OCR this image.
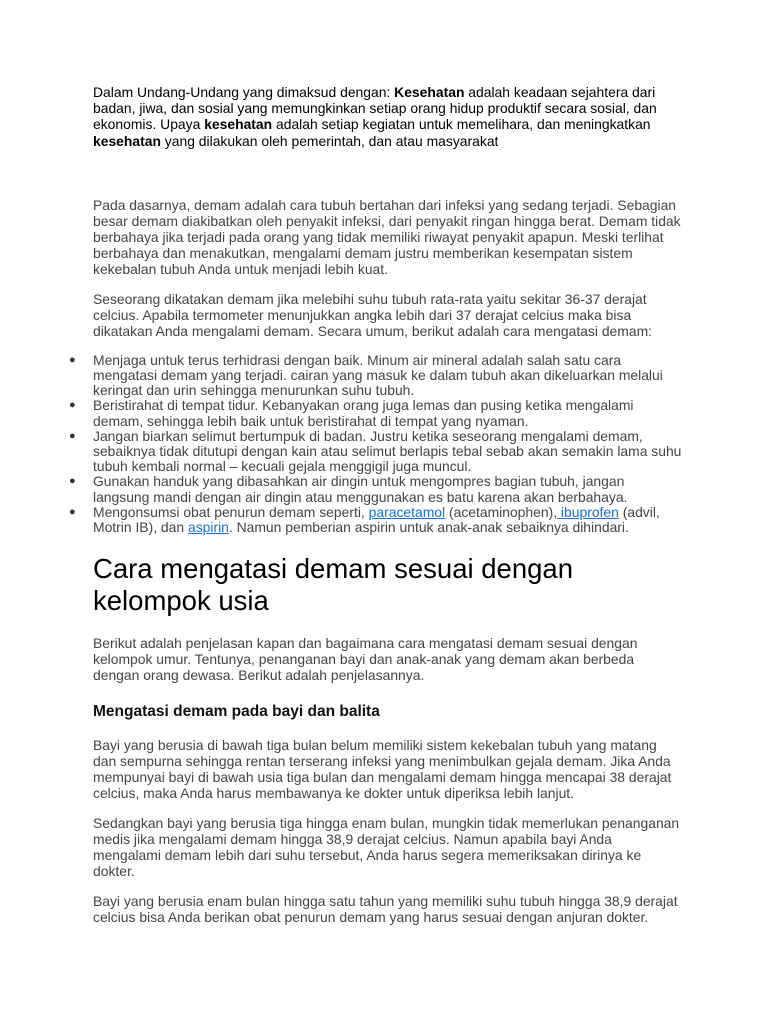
Dalam Undang-Undang yang dimaksud dengan: Kesehatan adalah keadaan sejahtera dari badan, jiwa, dan sosial yang memungkinkan setiap orang hidup produktif secara sosial, dan ekonomis. Upaya kesehatan adalah setiap kegiatan untuk memelihara, dan meningkatkan kesehatan yang dilakukan oleh pemerintah, dan atau masyarakat

Pada dasarnya, demam adalah cara tubuh bertahan dari infeksi yang sedang terjadi. Sebagian besar demam diakibatkan oleh penyakit infeksi, dari penyakit ringan hingga berat. Demam tidak berbahaya jika terjadi pada orang yang tidak memiliki riwayat penyakit apapun. Meski terlihat berbahaya dan menakutkan, mengalami demam justru memberikan kesempatan sistem kekebalan tubuh Anda untuk menjadi lebih kuat.

Seseorang dikatakan demam jika melebihi suhu tubuh rata-rata yaitu sekitar 36-37 derajat celcius. Apabila termometer menunjukkan angka lebih dari 37 derajat celcius maka bisa dikatakan Anda mengalami demam. Secara umum, berikut adalah cara mengatasi demam:

● Menjaga untuk terus terhidrasi dengan baik. Minum air mineral adalah salah satu cara mengatasi demam yang terjadi. cairan yang masuk ke dalam tubuh akan dikeluarkan melalui keringat dan urin sehingga menurunkan suhu tubuh.
● Beristirahat di tempat tidur. Kebanyakan orang juga lemas dan pusing ketika mengalami demam, sehingga lebih baik untuk beristirahat di tempat yang nyaman.
● Jangan biarkan selimut bertumpuk di badan. Justru ketika seseorang mengalami demam, sebaiknya tidak ditutupi dengan kain atau selimut berlapis tebal sebab akan semakin lama suhu tubuh kembali normal – kecuali gejala menggigil juga muncul.
● Gunakan handuk yang dibasahkan air dingin untuk mengompres bagian tubuh, jangan langsung mandi dengan air dingin atau menggunakan es batu karena akan berbahaya.
● Mengonsumsi obat penurun demam seperti, paracetamol (acetaminophen), ibuprofen (advil, Motrin IB), dan aspirin. Namun pemberian aspirin untuk anak-anak sebaiknya dihindari.
Cara mengatasi demam sesuai dengan kelompok usia

Berikut adalah penjelasan kapan dan bagaimana cara mengatasi demam sesuai dengan kelompok umur. Tentunya, penanganan bayi dan anak-anak yang demam akan berbeda dengan orang dewasa. Berikut adalah penjelasannya.

Mengatasi demam pada bayi dan balita

Bayi yang berusia di bawah tiga bulan belum memiliki sistem kekebalan tubuh yang matang dan sempurna sehingga rentan terserang infeksi yang menimbulkan gejala demam. Jika Anda mempunyai bayi di bawah usia tiga bulan dan mengalami demam hingga mencapai 38 derajat celcius, maka Anda harus membawanya ke dokter untuk diperiksa lebih lanjut.

Sedangkan bayi yang berusia tiga hingga enam bulan, mungkin tidak memerlukan penanganan medis jika mengalami demam hingga 38,9 derajat celcius. Namun apabila bayi Anda mengalami demam lebih dari suhu tersebut, Anda harus segera memeriksakan dirinya ke dokter.

Bayi yang berusia enam bulan hingga satu tahun yang memiliki suhu tubuh hingga 38,9 derajat celcius bisa Anda berikan obat penurun demam yang harus sesuai dengan anjuran dokter.
